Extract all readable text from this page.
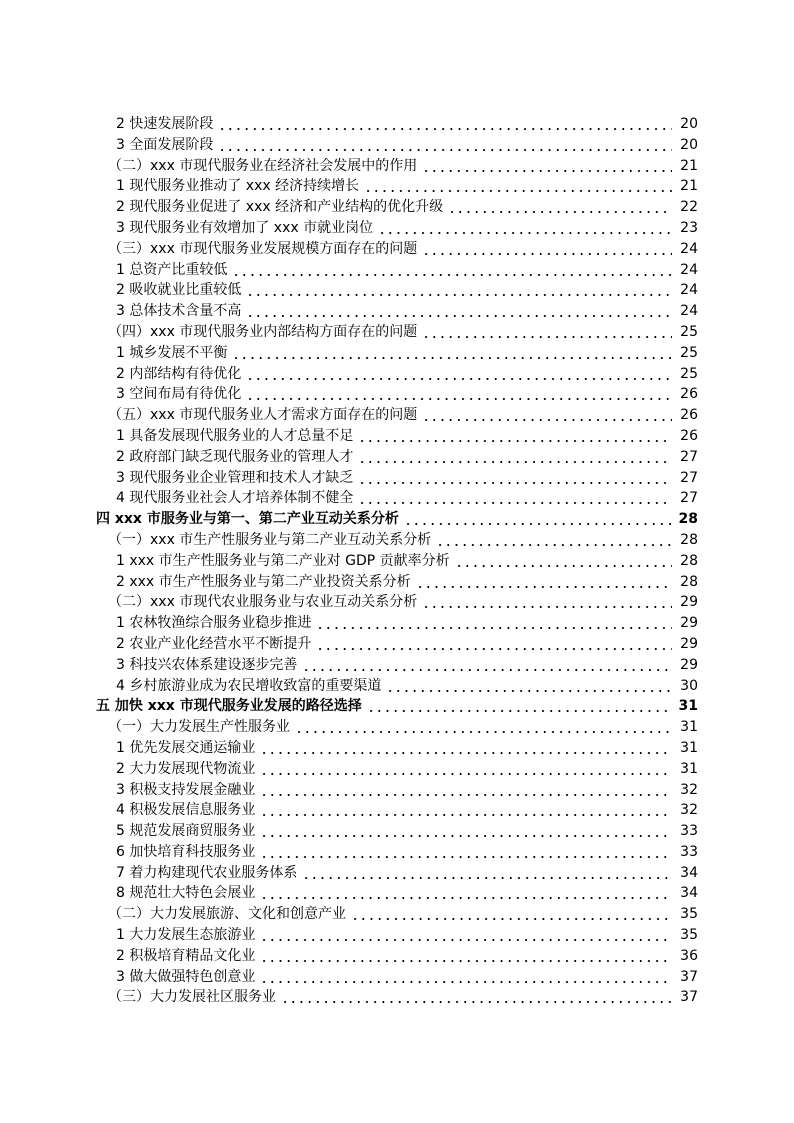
2 快速发展阶段	20
3 全面发展阶段	20
（二）xxx 市现代服务业在经济社会发展中的作用	21
1 现代服务业推动了 xxx 经济持续增长	21
2 现代服务业促进了 xxx 经济和产业结构的优化升级	22
3 现代服务业有效增加了 xxx 市就业岗位	23
（三）xxx 市现代服务业发展规模方面存在的问题	24
1 总资产比重较低	24
2 吸收就业比重较低	24
3 总体技术含量不高	24
（四）xxx 市现代服务业内部结构方面存在的问题	25
1 城乡发展不平衡	25
2 内部结构有待优化	25
3 空间布局有待优化	26
（五）xxx 市现代服务业人才需求方面存在的问题	26
1 具备发展现代服务业的人才总量不足	26
2 政府部门缺乏现代服务业的管理人才	27
3 现代服务业企业管理和技术人才缺乏	27
4 现代服务业社会人才培养体制不健全	27
四 xxx 市服务业与第一、第二产业互动关系分析	28
（一）xxx 市生产性服务业与第二产业互动关系分析	28
1 xxx 市生产性服务业与第二产业对 GDP 贡献率分析	28
2 xxx 市生产性服务业与第二产业投资关系分析	28
（二）xxx 市现代农业服务业与农业互动关系分析	29
1 农林牧渔综合服务业稳步推进	29
2 农业产业化经营水平不断提升	29
3 科技兴农体系建设逐步完善	29
4 乡村旅游业成为农民增收致富的重要渠道	30
五 加快 xxx 市现代服务业发展的路径选择	31
（一）大力发展生产性服务业	31
1 优先发展交通运输业	31
2 大力发展现代物流业	31
3 积极支持发展金融业	32
4 积极发展信息服务业	32
5 规范发展商贸服务业	33
6 加快培育科技服务业	33
7 着力构建现代农业服务体系	34
8 规范壮大特色会展业	34
（二）大力发展旅游、文化和创意产业	35
1 大力发展生态旅游业	35
2 积极培育精品文化业	36
3 做大做强特色创意业	37
（三）大力发展社区服务业	37
